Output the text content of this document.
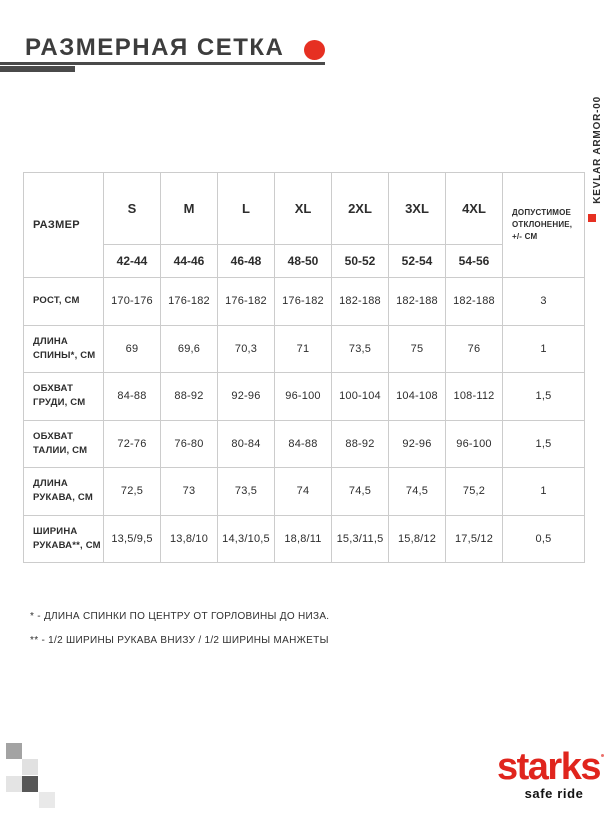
РАЗМЕРНАЯ СЕТКА
KEVLAR ARMOR-00
РАЗМЕР	S	M	L	XL	2XL	3XL	4XL	ДОПУСТИМОЕ ОТКЛОНЕНИЕ, +/- СМ
	42-44	44-46	46-48	48-50	50-52	52-54	54-56	
РОСТ, СМ	170-176	176-182	176-182	176-182	182-188	182-188	182-188	3
ДЛИНА СПИНЫ*, СМ	69	69,6	70,3	71	73,5	75	76	1
ОБХВАТ ГРУДИ, СМ	84-88	88-92	92-96	96-100	100-104	104-108	108-112	1,5
ОБХВАТ ТАЛИИ, СМ	72-76	76-80	80-84	84-88	88-92	92-96	96-100	1,5
ДЛИНА РУКАВА, СМ	72,5	73	73,5	74	74,5	74,5	75,2	1
ШИРИНА РУКАВА**, СМ	13,5/9,5	13,8/10	14,3/10,5	18,8/11	15,3/11,5	15,8/12	17,5/12	0,5
* - ДЛИНА СПИНКИ ПО ЦЕНТРУ ОТ ГОРЛОВИНЫ ДО НИЗА.
** - 1/2 ШИРИНЫ РУКАВА ВНИЗУ / 1/2 ШИРИНЫ МАНЖЕТЫ
starks
safe ride
